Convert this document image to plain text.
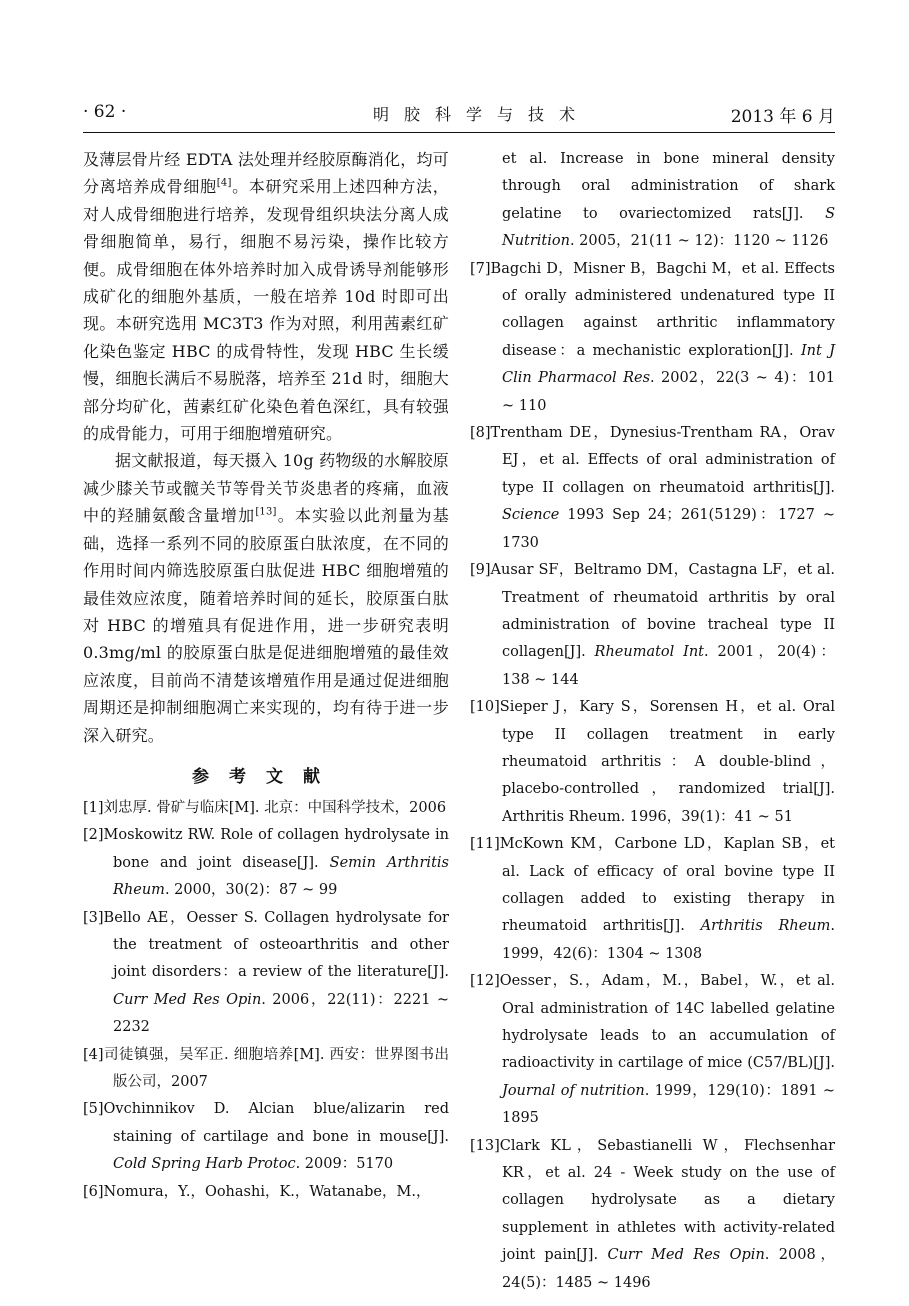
· 62 ·	明胶科学与技术	2013 年 6 月

及薄层骨片经 EDTA 法处理并经胶原酶消化，均可分离培养成骨细胞[4]。本研究采用上述四种方法，对人成骨细胞进行培养，发现骨组织块法分离人成骨细胞简单，易行，细胞不易污染，操作比较方便。成骨细胞在体外培养时加入成骨诱导剂能够形成矿化的细胞外基质，一般在培养 10d 时即可出现。本研究选用 MC3T3 作为对照，利用茜素红矿化染色鉴定 HBC 的成骨特性，发现 HBC 生长缓慢，细胞长满后不易脱落，培养至 21d 时，细胞大部分均矿化，茜素红矿化染色着色深红，具有较强的成骨能力，可用于细胞增殖研究。

据文献报道，每天摄入 10g 药物级的水解胶原减少膝关节或髋关节等骨关节炎患者的疼痛，血液中的羟脯氨酸含量增加[13]。本实验以此剂量为基础，选择一系列不同的胶原蛋白肽浓度，在不同的作用时间内筛选胶原蛋白肽促进 HBC 细胞增殖的最佳效应浓度，随着培养时间的延长，胶原蛋白肽对 HBC 的增殖具有促进作用，进一步研究表明 0.3mg/ml 的胶原蛋白肽是促进细胞增殖的最佳效应浓度，目前尚不清楚该增殖作用是通过促进细胞周期还是抑制细胞凋亡来实现的，均有待于进一步深入研究。

参考文献

[1]刘忠厚. 骨矿与临床[M]. 北京：中国科学技术，2006

[2]Moskowitz RW. Role of collagen hydrolysate in bone and joint disease[J]. Semin Arthritis Rheum. 2000，30(2)：87 ~ 99

[3]Bello AE，Oesser S. Collagen hydrolysate for the treatment of osteoarthritis and other joint disorders：a review of the literature[J]. Curr Med Res Opin. 2006，22(11)：2221 ~ 2232

[4]司徒镇强，吴军正. 细胞培养[M]. 西安：世界图书出版公司，2007

[5]Ovchinnikov D. Alcian blue/alizarin red staining of cartilage and bone in mouse[J]. Cold Spring Harb Protoc. 2009：5170

[6]Nomura，Y.，Oohashi，K.，Watanabe，M.，

et al. Increase in bone mineral density through oral administration of shark gelatine to ovariectomized rats[J]. S Nutrition. 2005，21(11 ~ 12)：1120 ~ 1126

[7]Bagchi D，Misner B，Bagchi M，et al. Effects of orally administered undenatured type II collagen against arthritic inflammatory disease：a mechanistic exploration[J]. Int J Clin Pharmacol Res. 2002，22(3 ~ 4)：101 ~ 110

[8]Trentham DE，Dynesius-Trentham RA，Orav EJ，et al. Effects of oral administration of type II collagen on rheumatoid arthritis[J]. Science 1993 Sep 24；261(5129)：1727 ~ 1730

[9]Ausar SF，Beltramo DM，Castagna LF，et al. Treatment of rheumatoid arthritis by oral administration of bovine tracheal type II collagen[J]. Rheumatol Int. 2001，20(4)：138 ~ 144

[10]Sieper J，Kary S，Sorensen H，et al. Oral type II collagen treatment in early rheumatoid arthritis：A double-blind，placebo-controlled，randomized trial[J]. Arthritis Rheum. 1996，39(1)：41 ~ 51

[11]McKown KM，Carbone LD，Kaplan SB，et al. Lack of efficacy of oral bovine type II collagen added to existing therapy in rheumatoid arthritis[J]. Arthritis Rheum. 1999，42(6)：1304 ~ 1308

[12]Oesser，S.，Adam，M.，Babel，W.，et al. Oral administration of 14C labelled gelatine hydrolysate leads to an accumulation of radioactivity in cartilage of mice (C57/BL)[J]. Journal of nutrition. 1999，129(10)：1891 ~ 1895

[13]Clark KL，Sebastianelli W，Flechsenhar KR，et al. 24 - Week study on the use of collagen hydrolysate as a dietary supplement in athletes with activity-related joint pain[J]. Curr Med Res Opin. 2008，24(5)：1485 ~ 1496
